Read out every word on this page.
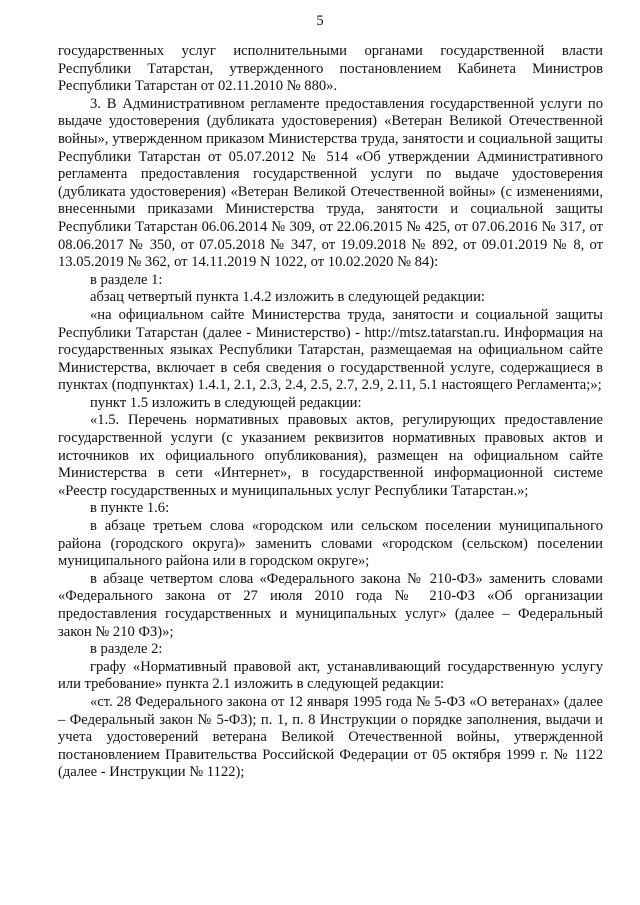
5

государственных услуг исполнительными органами государственной власти Республики Татарстан, утвержденного постановлением Кабинета Министров Республики Татарстан от 02.11.2010 № 880».

3. В Административном регламенте предоставления государственной услуги по выдаче удостоверения (дубликата удостоверения) «Ветеран Великой Отечественной войны», утвержденном приказом Министерства труда, занятости и социальной защиты Республики Татарстан от 05.07.2012 № 514 «Об утверждении Административного регламента предоставления государственной услуги по выдаче удостоверения (дубликата удостоверения) «Ветеран Великой Отечественной войны» (с изменениями, внесенными приказами Министерства труда, занятости и социальной защиты Республики Татарстан 06.06.2014 № 309, от 22.06.2015 № 425, от 07.06.2016 № 317, от 08.06.2017 № 350, от 07.05.2018 № 347, от 19.09.2018 № 892, от 09.01.2019 № 8, от 13.05.2019 № 362, от 14.11.2019 N 1022, от 10.02.2020 № 84):

в разделе 1:

абзац четвертый пункта 1.4.2 изложить в следующей редакции:

«на официальном сайте Министерства труда, занятости и социальной защиты Республики Татарстан (далее - Министерство) - http://mtsz.tatarstan.ru. Информация на государственных языках Республики Татарстан, размещаемая на официальном сайте Министерства, включает в себя сведения о государственной услуге, содержащиеся в пунктах (подпунктах) 1.4.1, 2.1, 2.3, 2.4, 2.5, 2.7, 2.9, 2.11, 5.1 настоящего Регламента;»;

пункт 1.5 изложить в следующей редакции:

«1.5. Перечень нормативных правовых актов, регулирующих предоставление государственной услуги (с указанием реквизитов нормативных правовых актов и источников их официального опубликования), размещен на официальном сайте Министерства в сети «Интернет», в государственной информационной системе «Реестр государственных и муниципальных услуг Республики Татарстан.»;

в пункте 1.6:

в абзаце третьем слова «городском или сельском поселении муниципального района (городского округа)» заменить словами «городском (сельском) поселении муниципального района или в городском округе»;

в абзаце четвертом слова «Федерального закона № 210-ФЗ» заменить словами «Федерального закона от 27 июля 2010 года № 210-ФЗ «Об организации предоставления государственных и муниципальных услуг» (далее – Федеральный закон № 210 ФЗ)»;

в разделе 2:

графу «Нормативный правовой акт, устанавливающий государственную услугу или требование» пункта 2.1 изложить в следующей редакции:

«ст. 28 Федерального закона от 12 января 1995 года № 5-ФЗ «О ветеранах» (далее – Федеральный закон № 5-ФЗ); п. 1, п. 8 Инструкции о порядке заполнения, выдачи и учета удостоверений ветерана Великой Отечественной войны, утвержденной постановлением Правительства Российской Федерации от 05 октября 1999 г. № 1122 (далее - Инструкции № 1122);
